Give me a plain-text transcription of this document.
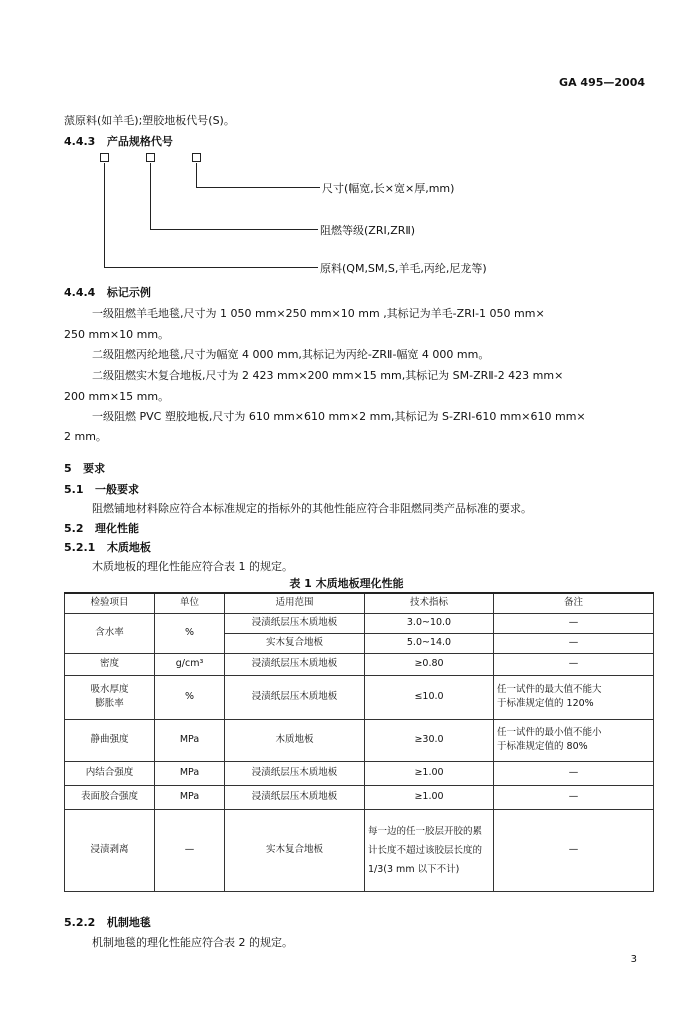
GA 495—2004
蒎原料(如羊毛);塑胶地板代号(S)。
4.4.3 产品规格代号
尺寸(幅宽,长×宽×厚,mm)
阻燃等级(ZRⅠ,ZRⅡ)
原料(QM,SM,S,羊毛,丙纶,尼龙等)
4.4.4 标记示例
一级阻燃羊毛地毯,尺寸为 1 050 mm×250 mm×10 mm ,其标记为羊毛-ZRⅠ-1 050 mm×
250 mm×10 mm。
二级阻燃丙纶地毯,尺寸为幅宽 4 000 mm,其标记为丙纶-ZRⅡ-幅宽 4 000 mm。
二级阻燃实木复合地板,尺寸为 2 423 mm×200 mm×15 mm,其标记为 SM-ZRⅡ-2 423 mm×
200 mm×15 mm。
一级阻燃 PVC 塑胶地板,尺寸为 610 mm×610 mm×2 mm,其标记为 S-ZRⅠ-610 mm×610 mm×
2 mm。
5 要求
5.1 一般要求
阻燃铺地材料除应符合本标准规定的指标外的其他性能应符合非阻燃同类产品标准的要求。
5.2 理化性能
5.2.1 木质地板
木质地板的理化性能应符合表 1 的规定。
表 1 木质地板理化性能
检验项目	单位	适用范围	技术指标	备注
含水率	%	浸渍纸层压木质地板	3.0~10.0	—
		实木复合地板	5.0~14.0	—
密度	g/cm³	浸渍纸层压木质地板	≥0.80	—
吸水厚度
膨胀率	%	浸渍纸层压木质地板	≤10.0	任一试件的最大值不能大
于标准规定值的 120%
静曲强度	MPa	木质地板	≥30.0	任一试件的最小值不能小
于标准规定值的 80%
内结合强度	MPa	浸渍纸层压木质地板	≥1.00	—
表面胶合强度	MPa	浸渍纸层压木质地板	≥1.00	—
浸渍剥离	—	实木复合地板	每一边的任一胶层开胶的累计长度不超过该胶层长度的 1/3(3 mm 以下不计)	—
5.2.2 机制地毯
机制地毯的理化性能应符合表 2 的规定。
3
